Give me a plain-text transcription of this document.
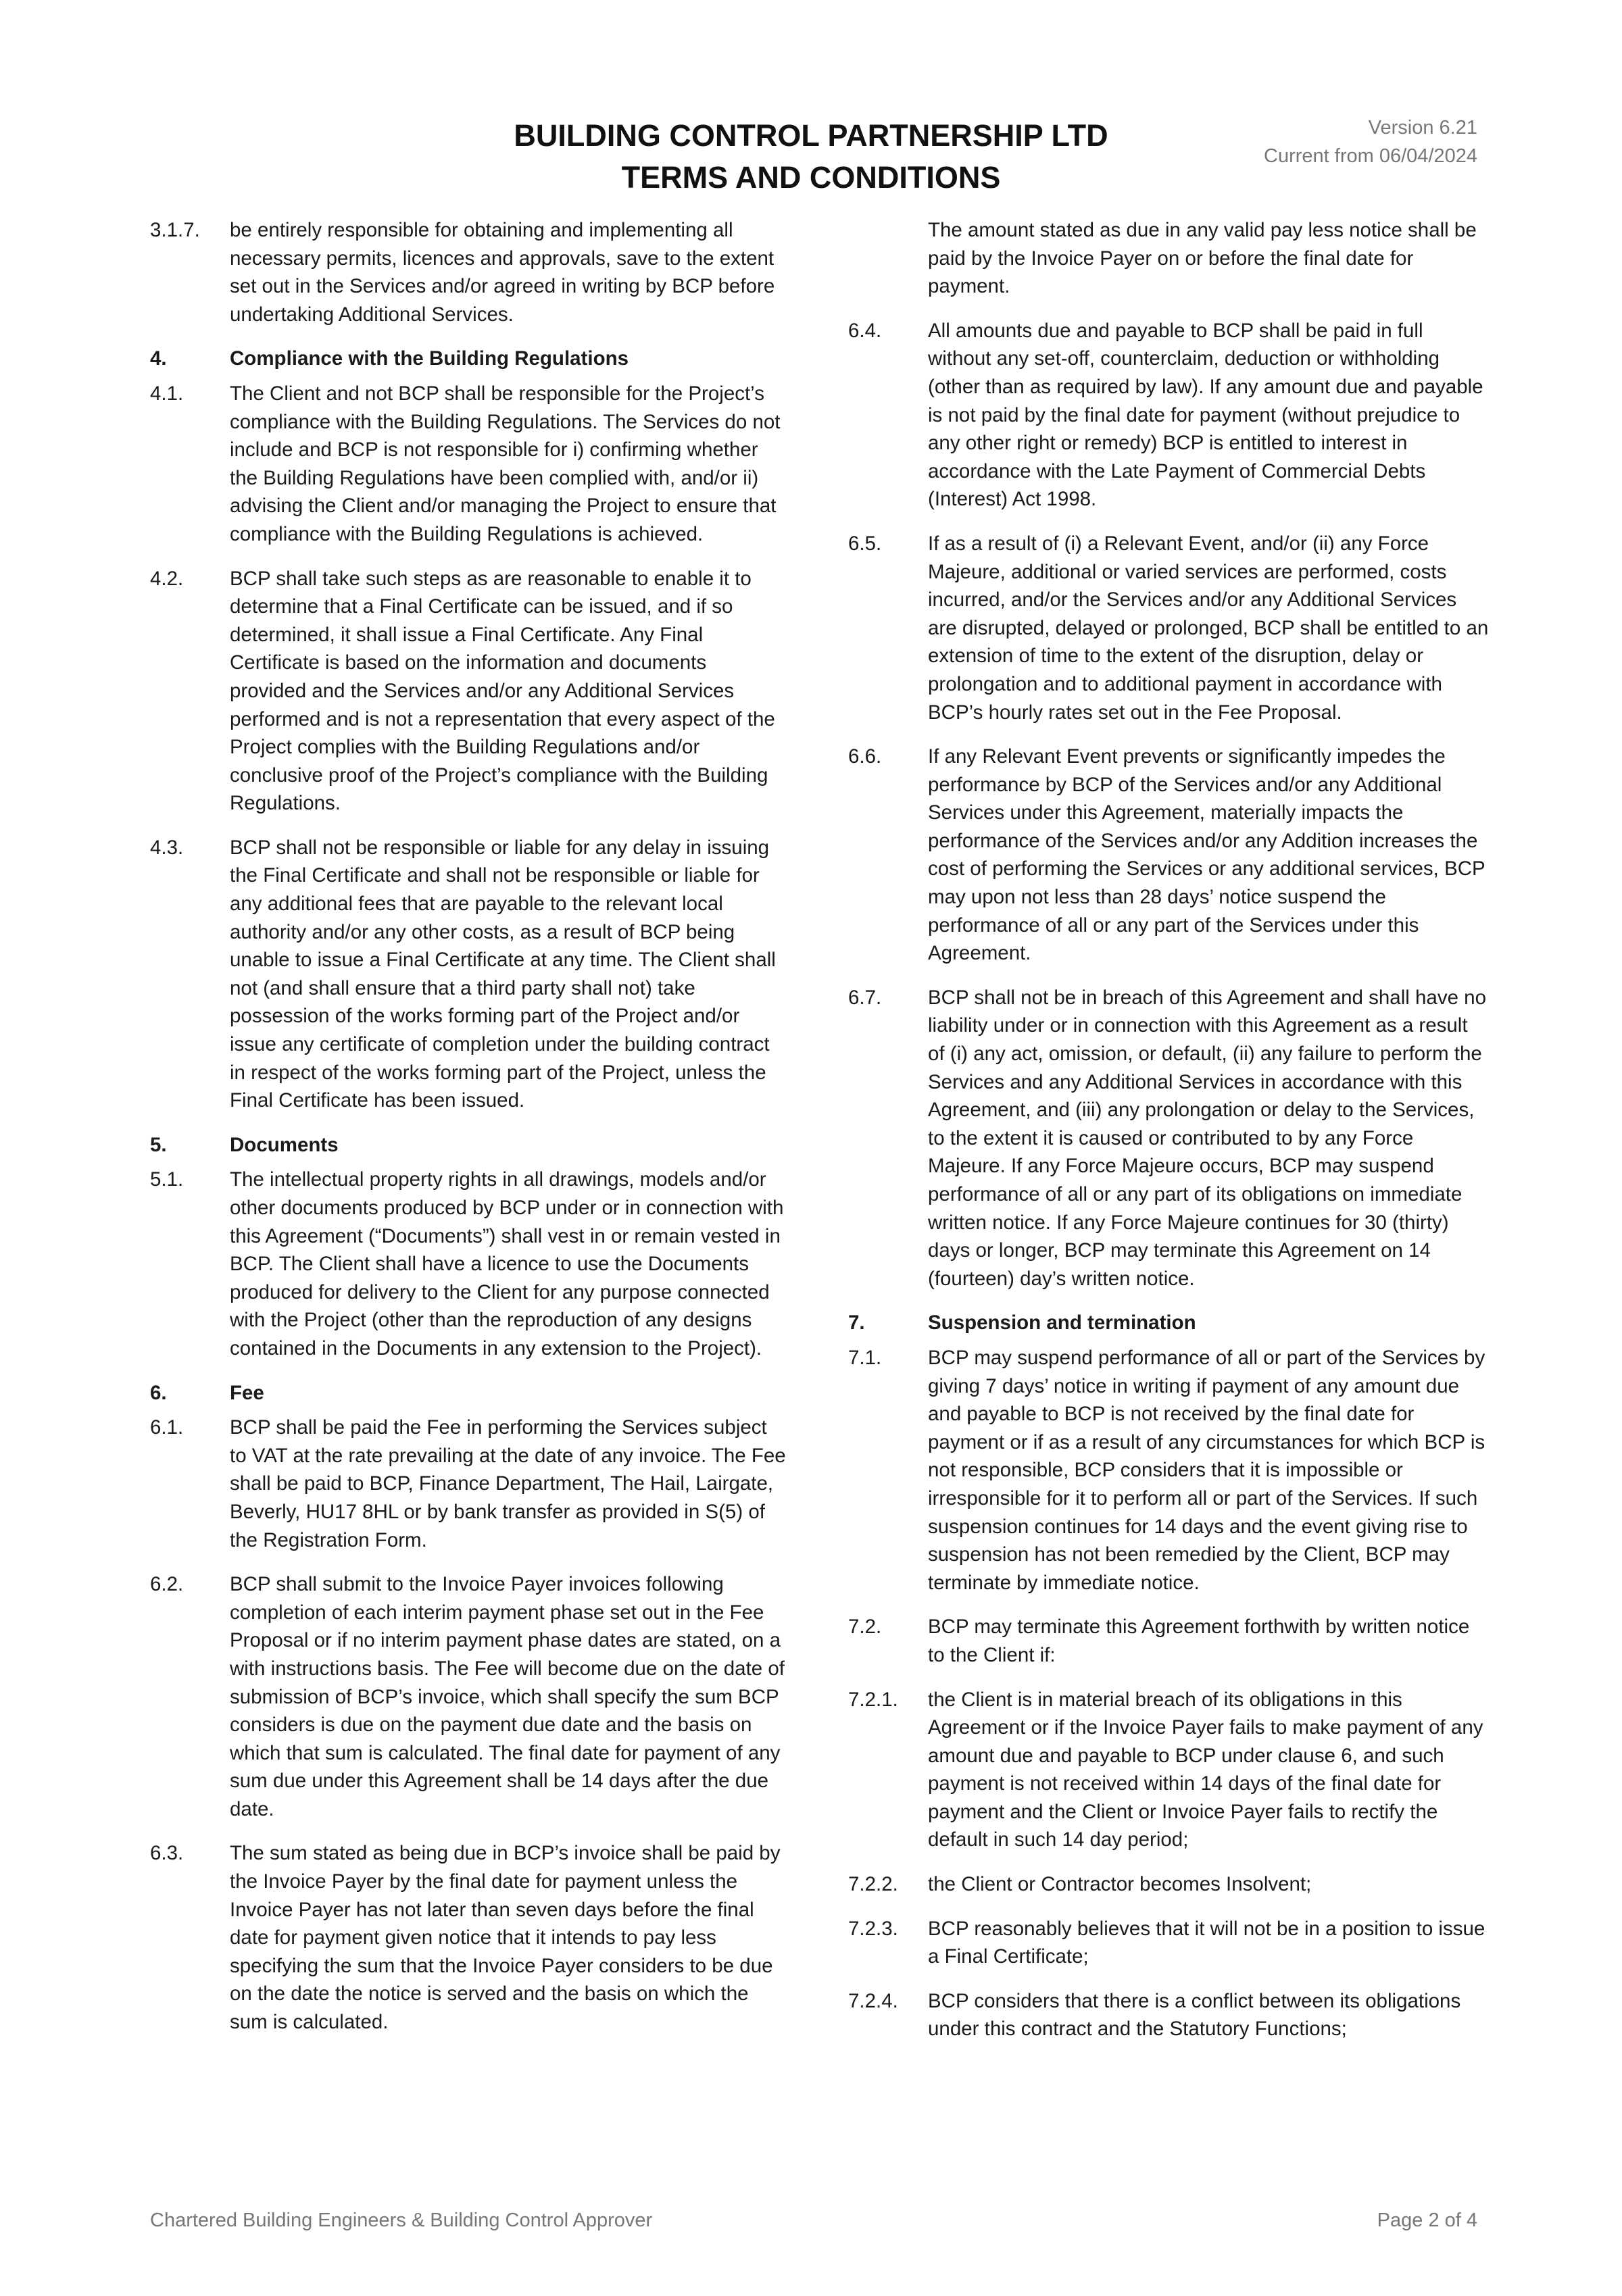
BUILDING CONTROL PARTNERSHIP LTD
TERMS AND CONDITIONS
Version 6.21
Current from 06/04/2024
3.1.7.	be entirely responsible for obtaining and implementing all necessary permits, licences and approvals, save to the extent set out in the Services and/or agreed in writing by BCP before undertaking Additional Services.
4.	Compliance with the Building Regulations
4.1.	The Client and not BCP shall be responsible for the Project’s compliance with the Building Regulations. The Services do not include and BCP is not responsible for i) confirming whether the Building Regulations have been complied with, and/or ii) advising the Client and/or managing the Project to ensure that compliance with the Building Regulations is achieved.
4.2.	BCP shall take such steps as are reasonable to enable it to determine that a Final Certificate can be issued, and if so determined, it shall issue a Final Certificate. Any Final Certificate is based on the information and documents provided and the Services and/or any Additional Services performed and is not a representation that every aspect of the Project complies with the Building Regulations and/or conclusive proof of the Project’s compliance with the Building Regulations.
4.3.	BCP shall not be responsible or liable for any delay in issuing the Final Certificate and shall not be responsible or liable for any additional fees that are payable to the relevant local authority and/or any other costs, as a result of BCP being unable to issue a Final Certificate at any time. The Client shall not (and shall ensure that a third party shall not) take possession of the works forming part of the Project and/or issue any certificate of completion under the building contract in respect of the works forming part of the Project, unless the Final Certificate has been issued.
5.	Documents
5.1.	The intellectual property rights in all drawings, models and/or other documents produced by BCP under or in connection with this Agreement (“Documents”) shall vest in or remain vested in BCP. The Client shall have a licence to use the Documents produced for delivery to the Client for any purpose connected with the Project (other than the reproduction of any designs contained in the Documents in any extension to the Project).
6.	Fee
6.1.	BCP shall be paid the Fee in performing the Services subject to VAT at the rate prevailing at the date of any invoice. The Fee shall be paid to BCP, Finance Department, The Hail, Lairgate, Beverly, HU17 8HL or by bank transfer as provided in S(5) of the Registration Form.
6.2.	BCP shall submit to the Invoice Payer invoices following completion of each interim payment phase set out in the Fee Proposal or if no interim payment phase dates are stated, on a with instructions basis. The Fee will become due on the date of submission of BCP’s invoice, which shall specify the sum BCP considers is due on the payment due date and the basis on which that sum is calculated. The final date for payment of any sum due under this Agreement shall be 14 days after the due date.
6.3.	The sum stated as being due in BCP’s invoice shall be paid by the Invoice Payer by the final date for payment unless the Invoice Payer has not later than seven days before the final date for payment given notice that it intends to pay less specifying the sum that the Invoice Payer considers to be due on the date the notice is served and the basis on which the sum is calculated.
The amount stated as due in any valid pay less notice shall be paid by the Invoice Payer on or before the final date for payment.
6.4.	All amounts due and payable to BCP shall be paid in full without any set-off, counterclaim, deduction or withholding (other than as required by law). If any amount due and payable is not paid by the final date for payment (without prejudice to any other right or remedy) BCP is entitled to interest in accordance with the Late Payment of Commercial Debts (Interest) Act 1998.
6.5.	If as a result of (i) a Relevant Event, and/or (ii) any Force Majeure, additional or varied services are performed, costs incurred, and/or the Services and/or any Additional Services are disrupted, delayed or prolonged, BCP shall be entitled to an extension of time to the extent of the disruption, delay or prolongation and to additional payment in accordance with BCP’s hourly rates set out in the Fee Proposal.
6.6.	If any Relevant Event prevents or significantly impedes the performance by BCP of the Services and/or any Additional Services under this Agreement, materially impacts the performance of the Services and/or any Addition increases the cost of performing the Services or any additional services, BCP may upon not less than 28 days’ notice suspend the performance of all or any part of the Services under this Agreement.
6.7.	BCP shall not be in breach of this Agreement and shall have no liability under or in connection with this Agreement as a result of (i) any act, omission, or default, (ii) any failure to perform the Services and any Additional Services in accordance with this Agreement, and (iii) any prolongation or delay to the Services, to the extent it is caused or contributed to by any Force Majeure. If any Force Majeure occurs, BCP may suspend performance of all or any part of its obligations on immediate written notice. If any Force Majeure continues for 30 (thirty) days or longer, BCP may terminate this Agreement on 14 (fourteen) day’s written notice.
7.	Suspension and termination
7.1.	BCP may suspend performance of all or part of the Services by giving 7 days’ notice in writing if payment of any amount due and payable to BCP is not received by the final date for payment or if as a result of any circumstances for which BCP is not responsible, BCP considers that it is impossible or irresponsible for it to perform all or part of the Services. If such suspension continues for 14 days and the event giving rise to suspension has not been remedied by the Client, BCP may terminate by immediate notice.
7.2.	BCP may terminate this Agreement forthwith by written notice to the Client if:
7.2.1.	the Client is in material breach of its obligations in this Agreement or if the Invoice Payer fails to make payment of any amount due and payable to BCP under clause 6, and such payment is not received within 14 days of the final date for payment and the Client or Invoice Payer fails to rectify the default in such 14 day period;
7.2.2.	the Client or Contractor becomes Insolvent;
7.2.3.	BCP reasonably believes that it will not be in a position to issue a Final Certificate;
7.2.4.	BCP considers that there is a conflict between its obligations under this contract and the Statutory Functions;
Chartered Building Engineers & Building Control Approver	Page 2 of 4
